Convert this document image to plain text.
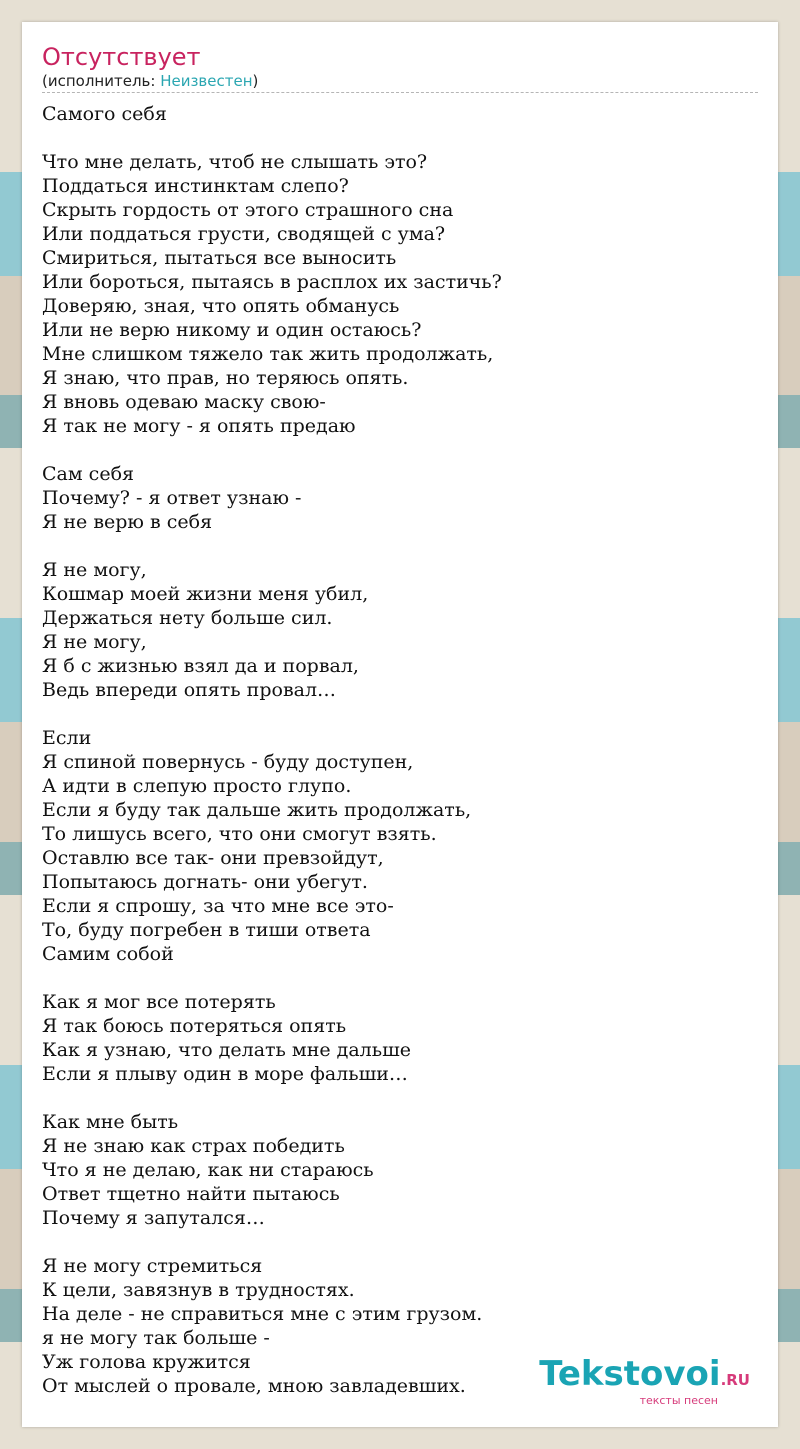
Отсутствует
(исполнитель: Неизвестен)
Самого себя

Что мне делать, чтоб не слышать это?
Поддаться инстинктам слепо?
Скрыть гордость от этого страшного сна
Или поддаться грусти, сводящей с ума?
Смириться, пытаться все выносить
Или бороться, пытаясь в расплох их застичь?
Доверяю, зная, что опять обманусь
Или не верю никому и один остаюсь?
Мне слишком тяжело так жить продолжать,
Я знаю, что прав, но теряюсь опять.
Я вновь одеваю маску свою-
Я так не могу - я опять предаю

Сам себя
Почему? - я ответ узнаю -
Я не верю в себя

Я не могу,
Кошмар моей жизни меня убил,
Держаться нету больше сил.
Я не могу,
Я б с жизнью взял да и порвал,
Ведь впереди опять провал…

Если
Я спиной повернусь - буду доступен,
А идти в слепую просто глупо.
Если я буду так дальше жить продолжать,
То лишусь всего, что они смогут взять.
Оставлю все так- они превзойдут,
Попытаюсь догнать- они убегут.
Если я спрошу, за что мне все это-
То, буду погребен в тиши ответа
Самим собой

Как я мог все потерять
Я так боюсь потеряться опять
Как я узнаю, что делать мне дальше
Если я плыву один в море фальши…

Как мне быть
Я не знаю как страх победить
Что я не делаю, как ни стараюсь
Ответ тщетно найти пытаюсь
Почему я запутался…

Я не могу стремиться
К цели, завязнув в трудностях.
На деле - не справиться мне с этим грузом.
я не могу так больше -
Уж голова кружится
От мыслей о провале, мною завладевших.	Tekstovoi.RU
тексты песен
